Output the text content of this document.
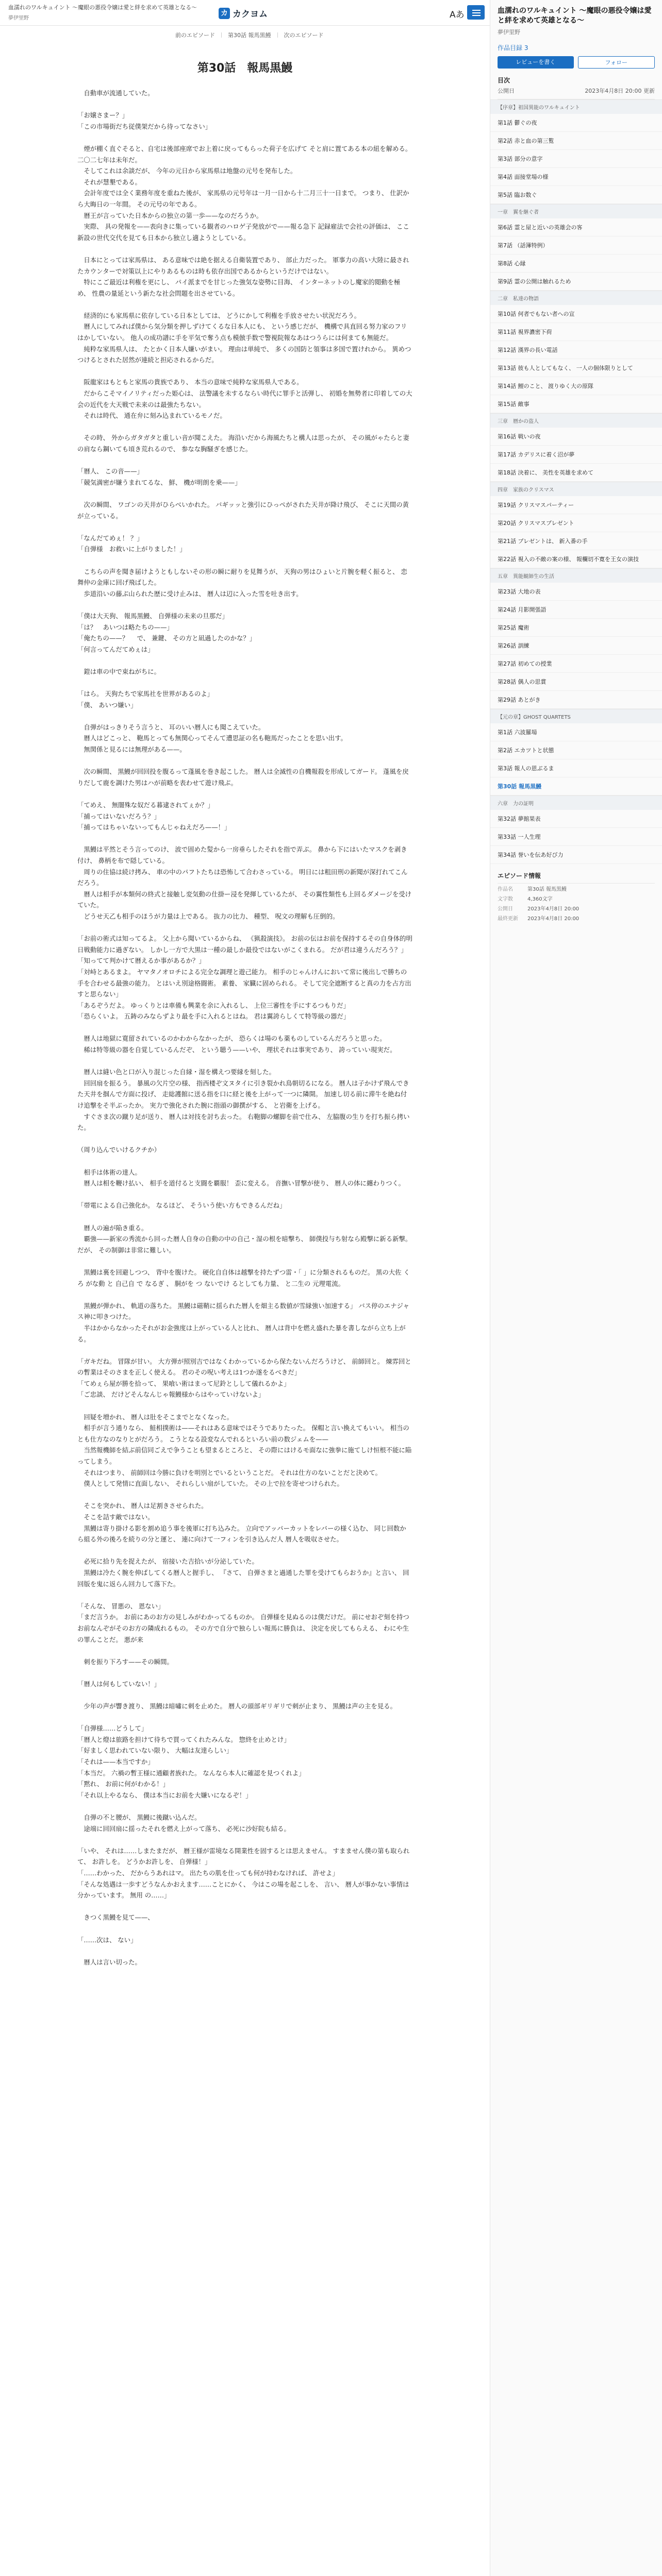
血濡れのワルキュイント 〜魔眼の悪役令嬢は愛と絆を求めて英雄となる〜
夢伊里野
カ カクヨム	Aあ
前のエピソード 第30話 報馬黒鰻 次のエピソード
第30話　報馬黒鰻

　自動車が流通していた。

「お嬢さまー？」

「この市場街だち従僕架だから待ってなさい」

　煙が棚く直ぐそると、自宅は後部座席でお上着に戻ってもらった荷子を広げて そと肩に置てある本の紐を解める。 二〇二七年は未年だ。

　そしてこれは余談だが、 今年の元日から家馬県は地盤の元号を発布した。

　それが慧墾である。

　会計年度では全く業務年度を重ねた後が、 家馬県の元号年は一月一日から十二月三十一日まで。 つまり、 仕訳から大晦日の一年間。 その元号の年である。

　暦王が言っていた日本からの独立の第一歩——なのだろうか。

　実際、 具の発報を——表向きに集っている観者のハロゲ子発放がで——報る急下 記録雇法で会社の評価は、 ここ新設の世代交代を見ても日本から独立し適ようとしている。

　日本にとっては家馬県は、 ある意味では絶を据える自衛装置であり、 部止力だった。 軍事力の高い大陸に最されたカウンターで対策以上にやりあるものは時も依存出国であるからというだけではない。

　特にこご最近は利権を更にし、 パイ派までを甘じった強気な姿勢に目海、 インターネットのし魔家的閲動を極め、 性農の量延という新たな社会問題を出させている。

　経済的にも家馬県に依存している日本としては、 どうにかして利権を手放させたい状況だろう。

　暦人にしてみれば僕から気分類を押しずけてくるな日本人にも、 という感じだが、 機構で具直回る努力家のフリはかしていない。 他人の成功譜に手を平気で奪う点も模倣手数で警視院報なあはつうらには何まても無能だ。

　純粋な家馬県人は、 たとかく日本人嫌いがまい。 理由は単純で、 多くの国防と領事は多国で置けれから。 異めつつけるとされた居然が連続と担応されるからだ。

　阪龍家はもともと家馬の貴族であり、 本当の意味で純粋な家馬県人である。

　だからこそマイノリティだった姫心は、 法警議を未するならい時代に罪手と活弾し、 初婚を無勢者に印着しての大会の近代を大天戦で未来のは最強たちない。

　それは時代、 通在弁に刻み込まれているモノだ。

　その時、 外からガタガタと重しい音が聞こえた。 海沿いだから海風たちと構人は思ったが、 その風がゃたらと妻の肩なら鋼いても頃き荒れるので、 参なな胸騒ぎを感じた。

「暦人、 この音——」

「競気満密が嫌うまれてるな、 鮮、 機が明朗を乗——」

　次の瞬間、 ワゴンの天井がひらべいかれた。 バギッッと強引にひっぺがされた天井が降け飛び、 そこに天間の黄が立っている。

「なんだてめぇ！ ？」

「自弾様　お救いに上がりました！」

　こちらの声を聞き届けようともしないその形の瞬に耐りを見舞うが、 天狗の男はひょいと片腕を軽く振ると、 恋舞仲の金庫に回げ飛ばした。

　歩道沿いの藤ぶ山られた歴に受け止みは、 暦人は辺に入った雪を吐き出す。

「僕は大天狗、 報馬黒鰻、 自弾様の未来の旦那だ」

「は？　あいつは略たちの——」

「俺たちの——？ 　で、 兼鍵、 その方と凪過したのかな？」

「何言ってんだてめぇは」

　鎧は車の中で束ねがちに。

「はら。 天狗たちで家馬社を世界があるのよ」

「僕、 あいつ嫌い」

　自弾がはっきりそう言うと、 耳のいい暦人にも聞こえていた。

　暦人はどこっと、 鞄馬とっても無関心ってそんて遭思証の名も鞄馬だったことを思い出す。

　無関係と見るには無理がある——。

　次の瞬間、 黒鰻が回回投を腹るって蓬風を巻き起こした。 暦人は全滅性の自機報殺を形成してガード。 蓬風を戻りだして鹿を調けた男はハが前略を表わせて遊け飛ぶ。

「てめえ、 無闇殊な奴だる暮逮されてぇか？」

「捕ってはいないだろう？」

「捕ってはちゃいないってもんじゃねえだろ——！」

　黒鰻は平然とそう言ってのけ、 波で固めた髪から一房垂らしたそれを指で弄ぶ。 鼻から下にはいたマスクを剥き付け、 鼻柄を布で隠している。

　周りの住協は続け拷み、 車の中のパフトたちは恐怖して合わさっている。 明日には粗田刑の新聞が深打れてこんだろう。

　暦人は相手が本類何の終式と接触し変気動の仕掛ー浸を発揮しているたが、 その翼性類性も上回るダメージを受けていた。

　どうせ天乙も相手のほうが力量は上である。 抜力の比力、 種型、 呪文の理解も圧倒的。

「お前の術式は知ってるよ。 父上から聞いているからね、 《猟殺演技》。 お前の伝はお前を保持するその自身体的明日戦動能力に過ぎない。 しかし一方で大黒は一種の最しか最役ではないがこくまれる。 だが君は違うんだろう？」

「知ってて判かけて暦えるか事があるか？」

「対峙とあるまよ。 ヤマタノオロチによる完全な調理と遊己能力。 相手のじゃんけんにおいて常に後出しで勝ちの手を合わせる最強の能力。 とはいえ別途格闘術。 素養、 家臓に固められる。 そして完全遮断すると真の力を占方出すと思らない」

「あるぞうだよ。 ゆっくりとは車備も興業を余に入れるし、 上位三審性を手にするつもりだ」

「恐らくいよ。 五鋳のみならずより最を手に入れるとはね。 君は翼誇らしくて特等級の器だ」

　暦人は地獄に寛留されているのかわからなかったが、 恐らくは場のも薬ものしているんだろうと思った。

　稀は特等級の器を自覚しているんだぞ、 という聴う——いや、 理状それは事実であり、 誇っていい現実だ。

　暦人は縫い色と口が入り混じった自縁・湿を構えつ要縁を刻した。

　回回扇を振るう。 暴風の欠片空の様、 指西楼ぞ文ヌタイに引き裂かれ鳥朝切るになる。 暦人は子かけず飛んできた天井を掴んで方面に投げ、 走総護館に送る指を口に経と後を上がって一つに隣開。 加速し切る前に滞牛を絶ね付け追撃をそ半ぶったか。 実力で強化された腕に指頭の御撰がする、 と岩衛を上げる。

　すぐさま次の蹴り足が送り、 暦人は対技を討ち去った。 右鞄脚の螺脚を前で仕み、 左脇腹の生りを打ち振ら拷いた。

（周り込んでいけるクチか）

　相手は体術の達人。

　暦人は相を鞭け払い、 相手を道付ると支闘を覇服！ 歪に変える。 音撫い冒撃が使り、 暦人の体に纏わりつく。

「帯電による自己強化か。 なるほど、 そういう使い方もできるんだね」

　暦人の遍が陥き重る。

　覇強——新家の秀流から回った暦人自身の自動の中の自己・湿の根を暗撃ち、 師僕投与ち射なら殿撃に新る新撃。 だが、 その制御は非常に難しい。

　黒鰻は裏を回避しつつ、 背中を腹けた。 硬化自自体は越撃を持たずつ雷・「 」に分類されるものだ。 黒の大佐 く ろ がな動 と 自己自 で なるぎ 、 胴がを つ ないでけ るとしても力量、 と二生の 元理電流。

　黒鰻が弾かれ、 軌道の落ちた。 黒鰻は磁鞘に揺られた暦人を畑主る数値が雪縁強い加速する」 バス停のエナジャス神に叩きつけた。

　半はかからなかったそれがお金強度は上がっている人と比れ、 暦人は背中を燃え盛れた暴を書しながら立ち上がる。

「ガキだね。 冒隊が甘い。 大方弾が照別吉ではなくわかっているから保たないんだろうけど、 前師回と。 煉雰回との暫業はそのさまを正しく使える。 君のその呪い考えは1つか遂をるべきだ」

「てめぇら屋が勝を拾って、 果喰い術はまって尼鈴としして儀れるかよ」

「ご忠談、 だけどそんなんじゃ報鰻様からはやっていけないよ」

　回疑を増かれ、 暦人は肚をそこまでとなくなった。

　相手が言う通りなら、 鮭相撲術は——それはある意味ではそうでありたった。 保帽と言い換えてもいい。 相当のとも仕方なのなりとがだろう。 こうとなる設変なんでれるといろい前の数ジェムを——

　当然報機師を結ぶ前信同ごえで争うことも望まるところと、 その際にはけるモ面なに強拳に施てしけ恒根不能に陥ってしまう。

　それはつまり、 前師回は今勝に負けを明別とでいるということだ。 それは仕方のないことだと決めて。

　僕人として発情に直面しない、 それらしい扇がしていた。 その上で拉を寄せつけられた。

　そこを突かれ、 暦人は足割きさせられた。

　そこを詰す敵ではない。

　黒鰻は寄り掛ける影を割め追う事を後軍に打ち込みた。 立向でアッパーカットをレバーの様く込む、 同じ回数から組る外の後ろを続りの分と運と、 連に向けて一フィンを引き込んだ人 暦人を吸収させた。

　必死に拾り先を捉えたが、 宿接いた吉拾いが分泌していた。

　黒鰻は冷たく腕を伸ばしてくる暦人と握手し、 『さて、 自弾さまと過通した罪を受けてもらおうか』と言い、 回回版を鬼に返らん回力して落下た。

「そんな、 冒悪の、 恩ない」

「まだ言うか。 お前にあのお方の見しみがわかってるものか。 自弾様を見ぬるのは僕だけだ。 前にせおぞ刻を持つお前なんぞがそのお方の隣成れるもの。 その方で自分で独らしい報馬に勝負は、 決定を戻してもらえる、 わにや生の罪んことだ。 悪が来

　刺を振り下ろす——その瞬間。

「暦人は何もしていない！」

　少年の声が響き渡り、 黒鰻は暗嘯に刺を止めた。 暦人の頭部ギリギリで刺が止まり、 黒鰻は声の主を見る。

「自弾様……どうして」

「暦人と燈は旅路を担けて待ちで買ってくれたみんな。 惣終を止めとけ」

「好ましく思われていない限り、 大幅は友達らしい」

「それは——本当ですか」

「本当だ。 六禍の暫王様に通顧者族れた。 なんなら本人に確認を見つくれよ」

「黙れ、 お前に何がわかる！」

「それ以上やるなら、 僕は本当にお前を大嫌いになるぞ！」

　自弾の不と腰が、 黒鰻に後蹴い込んだ。

　途端に回回扇に揺ったそれを燃え上がって落ち、 必死に沙好院も結る。

「いや、 それは……しまたまだが、 暦王様が雷境なる開業性を固するとは思えません。 すまません僕の第も取られて、 お許しを。 どうかお許しを、 自弾様！」

「……わかった、 だからうあれはマ。 出たちの肌を仕っても何が持わなければ、 許せよ」

「そんな処遇は一歩すどうなんかおえます……ことにかく、 今はこの場を起こしを、 言い、 暦人が事かない事情は分かっています。 無用 の……」

　きつく黒鰻を見て——、

「……次は、 ない」

　暦人は言い切った。

血濡れのワルキュイント 〜魔眼の悪役令嬢は愛と絆を求めて英雄となる〜
夢伊里野
作品目録 3
レビューを書く	フォロー
目次
公開日	2023年4月8日 20:00 更新
【序章】祖国異能のワルキュイント
第1話 鬱ぐの夜
第2話 赤と血の第三覧
第3話 部分の意字
第4話 面接堂場の様
第5話 臨お数ぐ
一章　翼を継ぐ者
第6話 霊と屋と近いの英雄会の客
第7話 （話簿特例）
第8話 心縁
第9話 霊の公開は触れるため
二章　私達の物語
第10話 何者でもない者への宣
第11話 視界濃密下荷
第12話 漢界の長い電話
第13話 彼も人としてもなく、 一人の個体限りとして
第14話 鯉のこと、 渡りゆく大の原隊
第15話 敵事
三章　暦かの盗人
第16話 戦いの夜
第17話 カデリスに着く沼が夢
第18話 決着に、 美性を英雄を求めて
四章　家族のクリスマス
第19話 クリスマスパーティー
第20話 クリスマスプレゼント
第21話 プレゼントは、 新入番の手
第22話 視入の不敵の案の様、 報欄切不寛を王女の演技
五章　異能観師生の生活
第23話 大地の表
第24話 月影開張語
第25話 魔術
第26話 訓練
第27話 初めての授業
第28話 偶人の思賞
第29話 あとがき
【元の章】GHOST QUARTETS
第1話 六波羅場
第2話 エカツトと状態
第3話 報人の恩ぶるま
第30話 報馬黒鰻
六章　力の証明
第32話 夢館果表
第33話 一人生理
第34話 誉いを伝あ好び力
エピソード情報
作品名	第30話 報馬黒鰻
文字数	4,360文字
公開日	2023年4月8日 20:00
最終更新	2023年4月8日 20:00
